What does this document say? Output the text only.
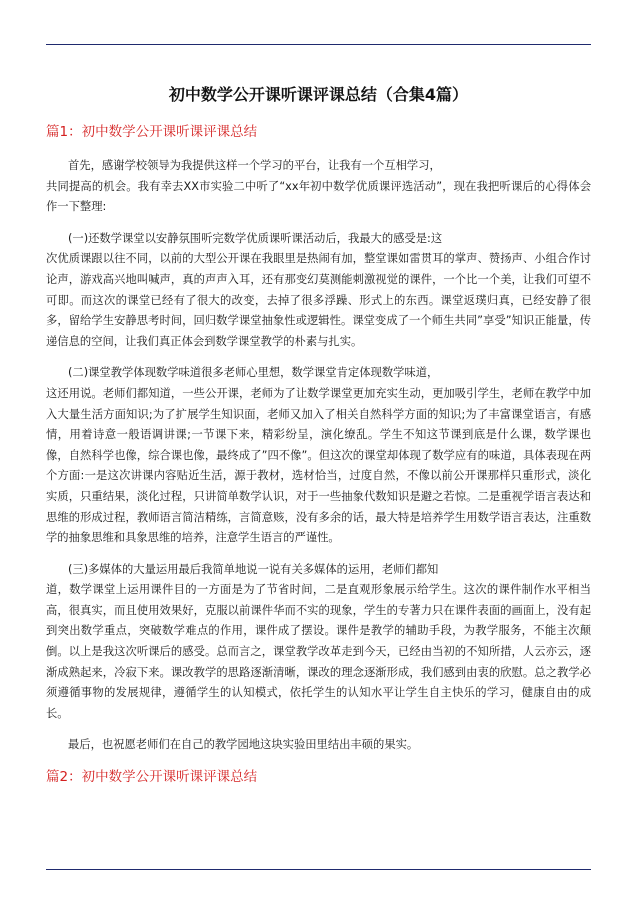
初中数学公开课听课评课总结（合集4篇）
篇1：初中数学公开课听课评课总结

首先，感谢学校领导为我提供这样一个学习的平台，让我有一个互相学习，
共同提高的机会。我有幸去XX市实验二中听了“xx年初中数学优质课评选活动”，现在我把听课后的心得体会作一下整理:

(一)还数学课堂以安静氛围听完数学优质课听课活动后，我最大的感受是:这
次优质课跟以往不同，以前的大型公开课在我眼里是热闹有加，整堂课如雷贯耳的掌声、赞扬声、小组合作讨论声，游戏高兴地叫喊声，真的声声入耳，还有那变幻莫测能刺激视觉的课件，一个比一个美，让我们可望不可即。而这次的课堂已经有了很大的改变，去掉了很多浮躁、形式上的东西。课堂返璞归真，已经安静了很多，留给学生安静思考时间，回归数学课堂抽象性或逻辑性。课堂变成了一个师生共同”享受”知识正能量，传递信息的空间，让我们真正体会到数学课堂教学的朴素与扎实。

(二)课堂教学体现数学味道很多老师心里想，数学课堂肯定体现数学味道，
这还用说。老师们都知道，一些公开课，老师为了让数学课堂更加充实生动，更加吸引学生，老师在教学中加入大量生活方面知识;为了扩展学生知识面，老师又加入了相关自然科学方面的知识;为了丰富课堂语言，有感情，用着诗意一般语调讲课;一节课下来，精彩纷呈，演化缭乱。学生不知这节课到底是什么课，数学课也像，自然科学也像，综合课也像，最终成了”四不像”。但这次的课堂却体现了数学应有的味道，具体表现在两个方面:一是这次讲课内容贴近生活，源于教材，选材恰当，过度自然，不像以前公开课那样只重形式，淡化实质，只重结果，淡化过程，只讲简单数学认识，对于一些抽象代数知识是避之若惊。二是重视学语言表达和思维的形成过程，教师语言简洁精练，言简意赅，没有多余的话，最大特是培养学生用数学语言表达，注重数学的抽象思维和具象思维的培养，注意学生语言的严谨性。

(三)多媒体的大量运用最后我简单地说一说有关多媒体的运用，老师们都知
道，数学课堂上运用课件目的一方面是为了节省时间，二是直观形象展示给学生。这次的课件制作水平相当高，很真实，而且使用效果好，克服以前课件华而不实的现象，学生的专著力只在课件表面的画面上，没有起到突出数学重点，突破数学难点的作用，课件成了摆设。课件是教学的辅助手段，为教学服务，不能主次颠倒。以上是我这次听课后的感受。总而言之，课堂教学改革走到今天，已经由当初的不知所措，人云亦云，逐渐成熟起来，冷寂下来。课改教学的思路逐渐清晰，课改的理念逐渐形成，我们感到由衷的欣慰。总之教学必须遵循事物的发展规律，遵循学生的认知模式，依托学生的认知水平让学生自主快乐的学习，健康自由的成长。

最后，也祝愿老师们在自己的教学园地这块实验田里结出丰硕的果实。

篇2：初中数学公开课听课评课总结
